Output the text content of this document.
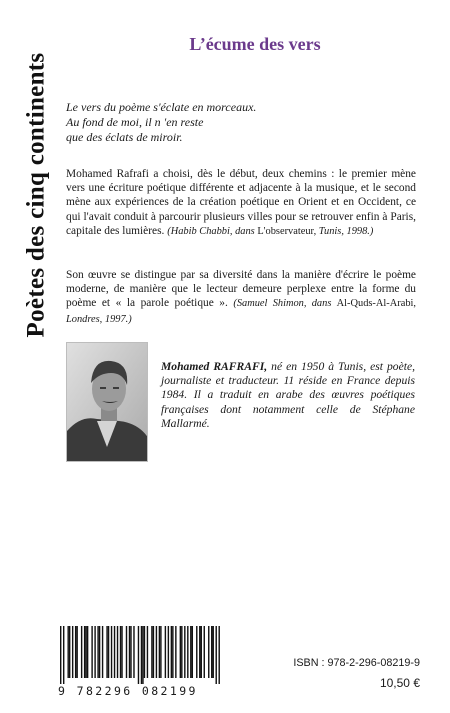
Poètes des cinq continents
L’écume des vers
Le vers du poème s'éclate en morceaux.
Au fond de moi, il n 'en reste
que des éclats de miroir.
Mohamed Rafrafi a choisi, dès le début, deux chemins : le premier mène vers une écriture poétique différente et adjacente à la musique, et le second mène aux expériences de la création poétique en Orient et en Occident, ce qui l'avait conduit à parcourir plusieurs villes pour se retrouver enfin à Paris, capitale des lumières. (Habib Chabbi, dans L'observateur, Tunis, 1998.)
Son œuvre se distingue par sa diversité dans la manière d'écrire le poème moderne, de manière que le lecteur demeure perplexe entre la forme du poème et « la parole poétique ». (Samuel Shimon, dans Al-Quds-Al-Arabi, Londres, 1997.)
Mohamed RAFRAFI, né en 1950 à Tunis, est poète, journaliste et traducteur. 11 réside en France depuis 1984. Il a traduit en arabe des œuvres poétiques françaises dont notamment celle de Stéphane Mallarmé.
9 782296 082199
ISBN : 978-2-296-08219-9
10,50 €
